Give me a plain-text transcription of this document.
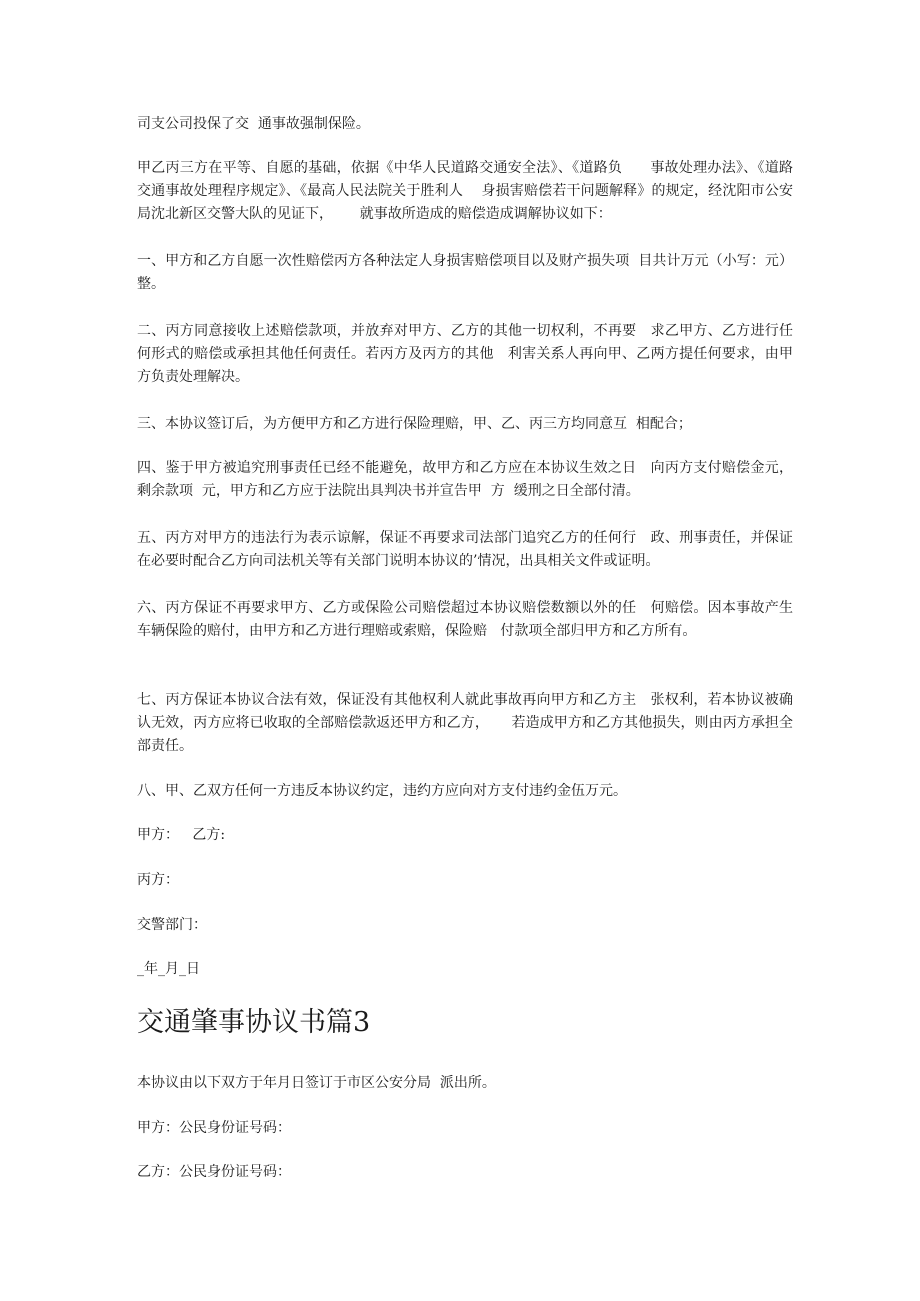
司支公司投保了交  通事故强制保险。

甲乙丙三方在平等、自愿的基础，依据《中华人民道路交通安全法》、《道路负      事故处理办法》、《道路交通事故处理程序规定》、《最高人民法院关于胜利人    身损害赔偿若干问题解释》的规定，经沈阳市公安局沈北新区交警大队的见证下，      就事故所造成的赔偿造成调解协议如下：

一、甲方和乙方自愿一次性赔偿丙方各种法定人身损害赔偿项目以及财产损失项  目共计万元（小写：元）整。

二、丙方同意接收上述赔偿款项，并放弃对甲方、乙方的其他一切权利，不再要   求乙甲方、乙方进行任何形式的赔偿或承担其他任何责任。若丙方及丙方的其他   利害关系人再向甲、乙两方提任何要求，由甲方负责处理解决。

三、本协议签订后，为方便甲方和乙方进行保险理赔，甲、乙、丙三方均同意互  相配合；

四、鉴于甲方被追究刑事责任已经不能避免，故甲方和乙方应在本协议生效之日   向丙方支付赔偿金元，剩余款项  元，甲方和乙方应于法院出具判决书并宣告甲  方  缓刑之日全部付清。

五、丙方对甲方的违法行为表示谅解，保证不再要求司法部门追究乙方的任何行   政、刑事责任，并保证在必要时配合乙方向司法机关等有关部门说明本协议的’情况，出具相关文件或证明。

六、丙方保证不再要求甲方、乙方或保险公司赔偿超过本协议赔偿数额以外的任   何赔偿。因本事故产生车辆保险的赔付，由甲方和乙方进行理赔或索赔，保险赔   付款项全部归甲方和乙方所有。

七、丙方保证本协议合法有效，保证没有其他权利人就此事故再向甲方和乙方主   张权利，若本协议被确认无效，丙方应将已收取的全部赔偿款返还甲方和乙方，     若造成甲方和乙方其他损失，则由丙方承担全部责任。

八、甲、乙双方任何一方违反本协议约定，违约方应向对方支付违约金伍万元。

甲方：   乙方:

丙方：

交警部门：

_年_月_日

交通肇事协议书篇3

本协议由以下双方于年月日签订于市区公安分局  派出所。

甲方：公民身份证号码：

乙方：公民身份证号码：
